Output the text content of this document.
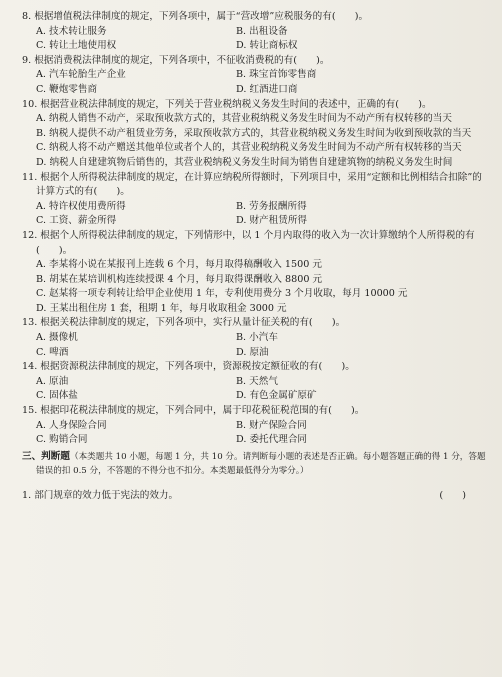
8. 根据增值税法律制度的规定，下列各项中，属于“营改增”应税服务的有(　　)。

A. 技术转让服务	B. 出租设备
C. 转让土地使用权	D. 转让商标权

9. 根据消费税法律制度的规定，下列各项中，不征收消费税的有(　　)。

A. 汽车轮胎生产企业	B. 珠宝首饰零售商
C. 鞭炮零售商	D. 红酒进口商

10. 根据营业税法律制度的规定，下列关于营业税纳税义务发生时间的表述中，正确的有(　　)。

A. 纳税人销售不动产，采取预收款方式的，其营业税纳税义务发生时间为不动产所有权转移的当天

B. 纳税人提供不动产租赁业劳务，采取预收款方式的，其营业税纳税义务发生时间为收到预收款的当天

C. 纳税人将不动产赠送其他单位或者个人的，其营业税纳税义务发生时间为不动产所有权转移的当天

D. 纳税人自建建筑物后销售的，其营业税纳税义务发生时间为销售自建建筑物的纳税义务发生时间

11. 根据个人所得税法律制度的规定，在计算应纳税所得额时，下列项目中，采用“定额和比例相结合扣除”的计算方式的有(　　)。

A. 特许权使用费所得	B. 劳务报酬所得
C. 工资、薪金所得	D. 财产租赁所得

12. 根据个人所得税法律制度的规定，下列情形中，以 1 个月内取得的收入为一次计算缴纳个人所得税的有(　　)。

A. 李某将小说在某报刊上连载 6 个月，每月取得稿酬收入 1500 元

B. 胡某在某培训机构连续授课 4 个月，每月取得课酬收入 8800 元

C. 赵某将一项专利转让给甲企业使用 1 年，专利使用费分 3 个月收取，每月 10000 元

D. 王某出租住房 1 套，租期 1 年，每月收取租金 3000 元

13. 根据关税法律制度的规定，下列各项中，实行从量计征关税的有(　　)。

A. 摄像机	B. 小汽车
C. 啤酒	D. 原油

14. 根据资源税法律制度的规定，下列各项中，资源税按定额征收的有(　　)。

A. 原油	B. 天然气
C. 固体盐	D. 有色金属矿原矿

15. 根据印花税法律制度的规定，下列合同中，属于印花税征税范围的有(　　)。

A. 人身保险合同	B. 财产保险合同
C. 购销合同	D. 委托代理合同

三、判断题（本类题共 10 小题，每题 1 分，共 10 分。请判断每小题的表述是否正确。每小题答题正确的得 1 分，答题错误的扣 0.5 分，不答题的不得分也不扣分。本类题最低得分为零分。）

1. 部门规章的效力低于宪法的效力。	(　　)
